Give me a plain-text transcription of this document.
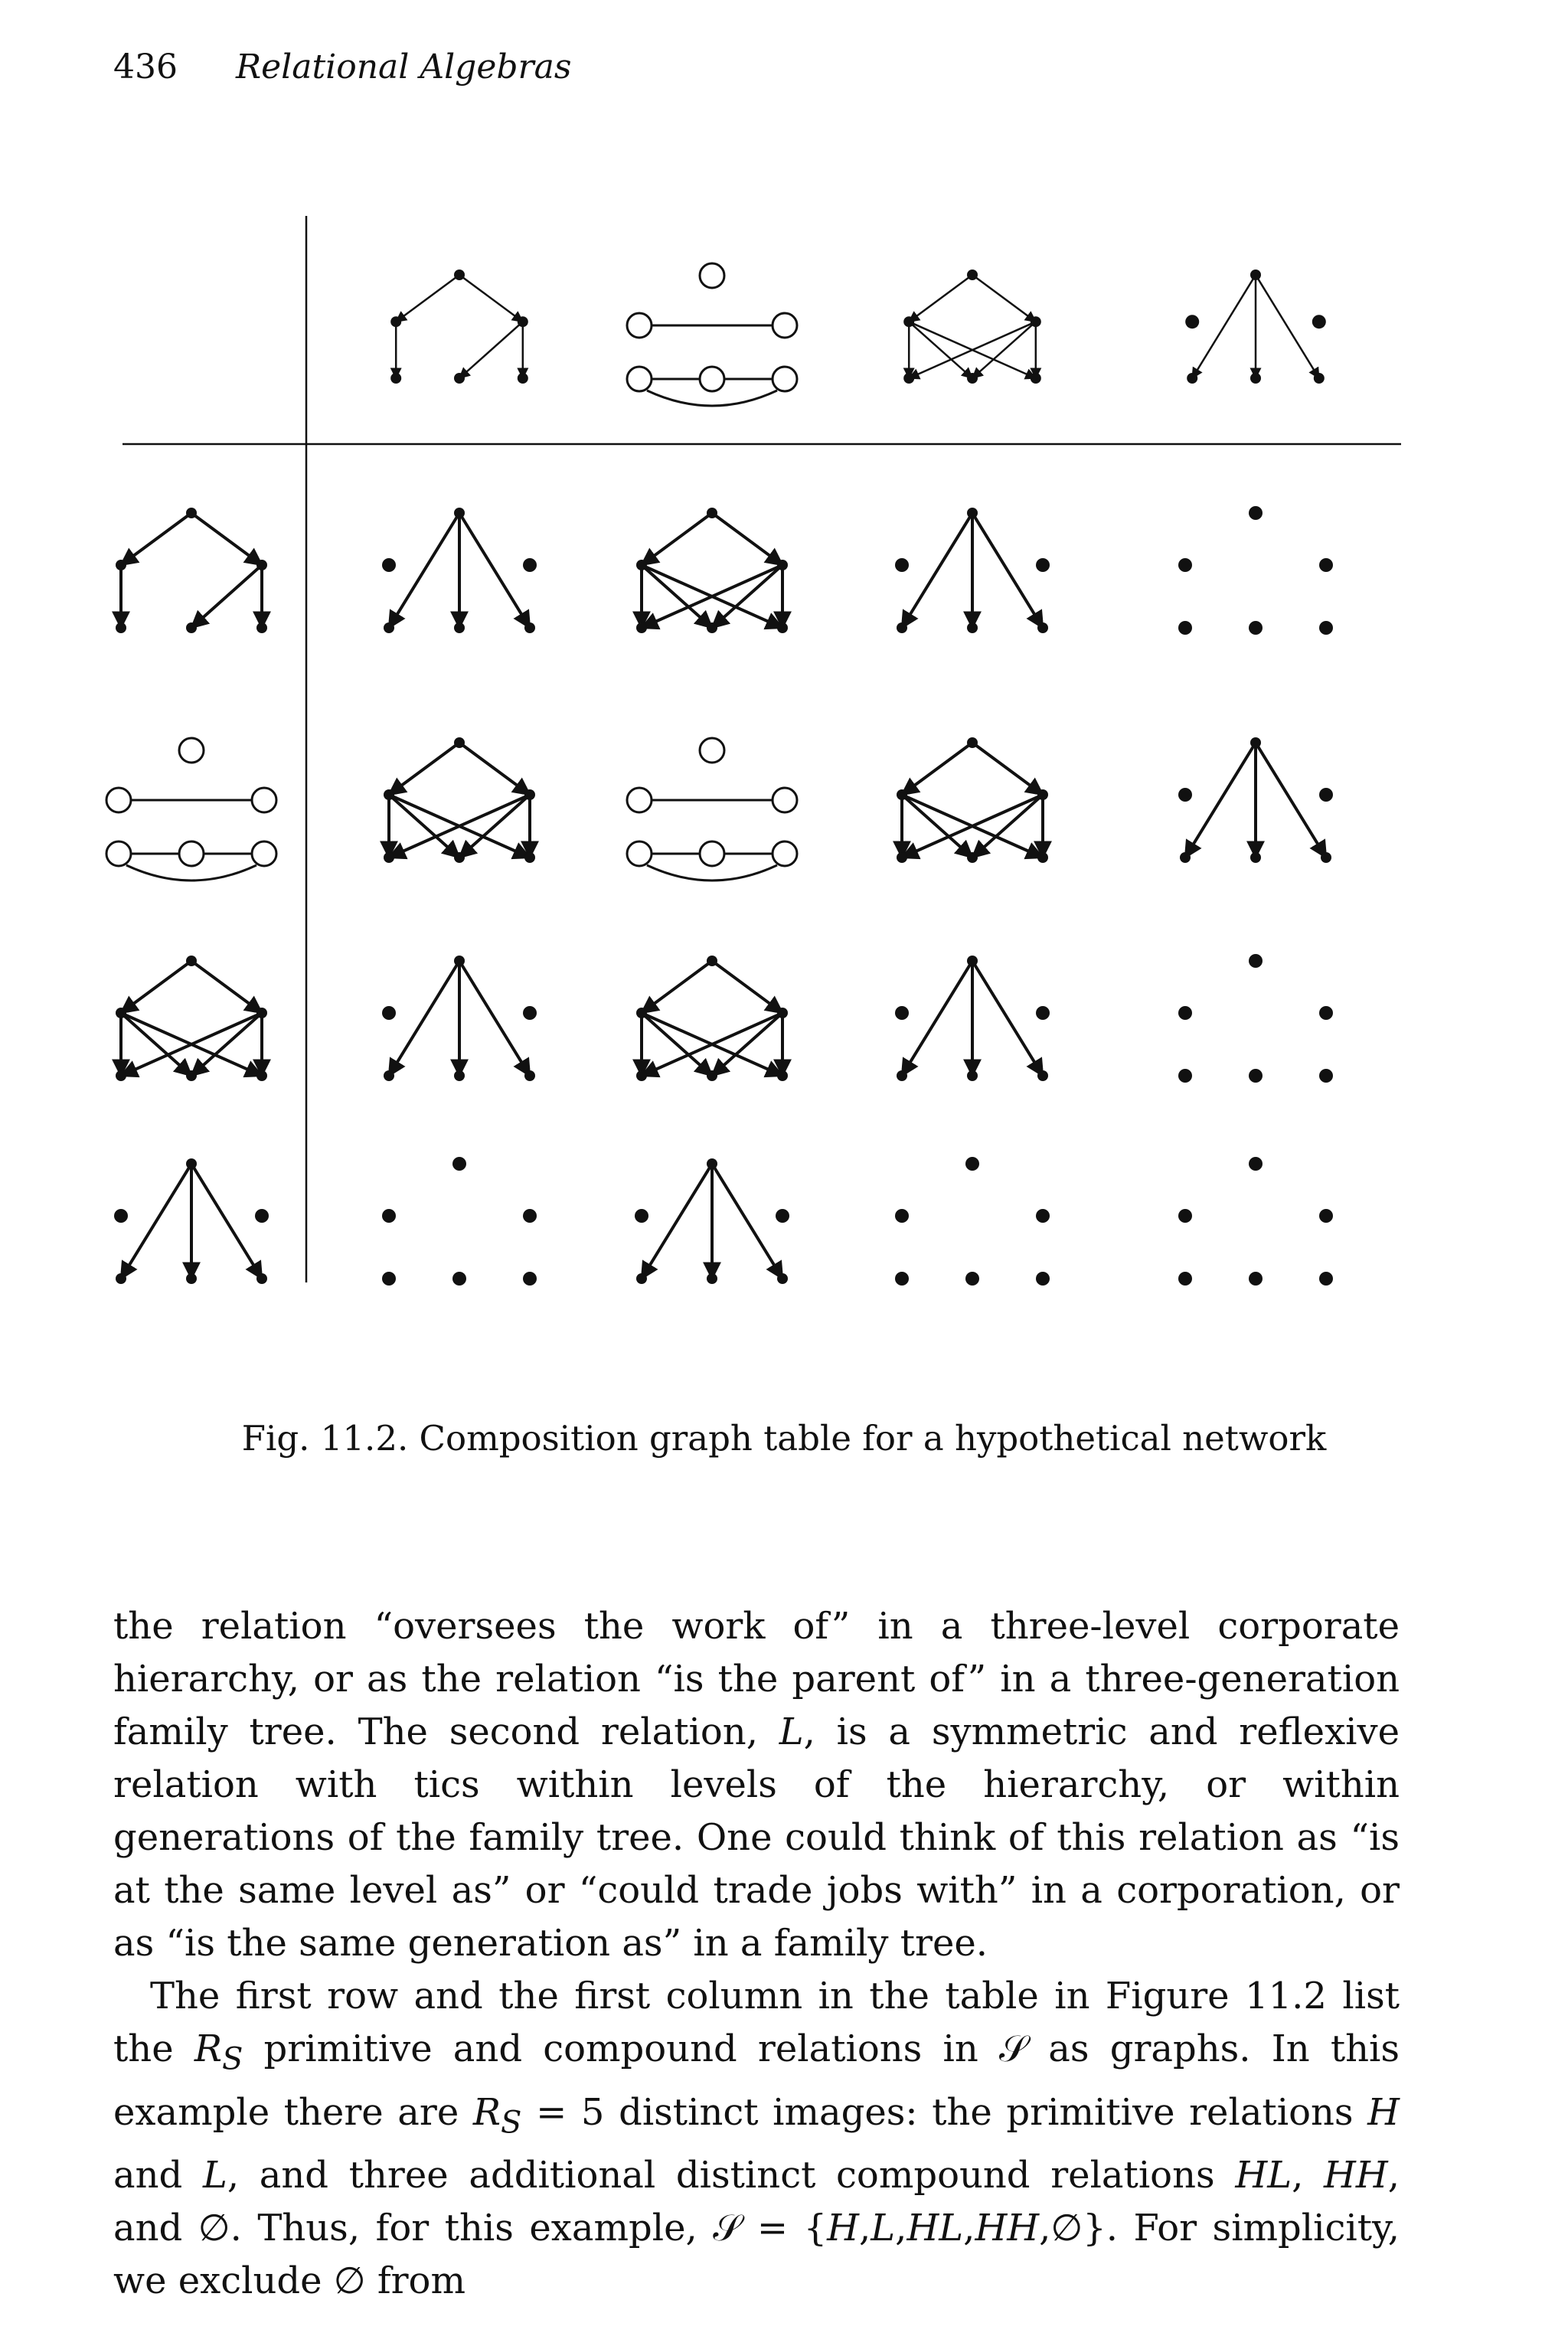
436 Relational Algebras
Fig. 11.2. Composition graph table for a hypothetical network

the relation “oversees the work of” in a three-level corporate hierarchy, or as the relation “is the parent of” in a three-generation family tree. The second relation, L, is a symmetric and reflexive relation with tics within levels of the hierarchy, or within generations of the family tree. One could think of this relation as “is at the same level as” or “could trade jobs with” in a corporation, or as “is the same generation as” in a family tree.

The first row and the first column in the table in Figure 11.2 list the $R_S$ primitive and compound relations in 𝒮 as graphs. In this example there are $R_S = 5$ distinct images: the primitive relations H and L, and three additional distinct compound relations HL, HH, and ∅. Thus, for this example, 𝒮 = {H,L,HL,HH,∅}. For simplicity, we exclude ∅ from
